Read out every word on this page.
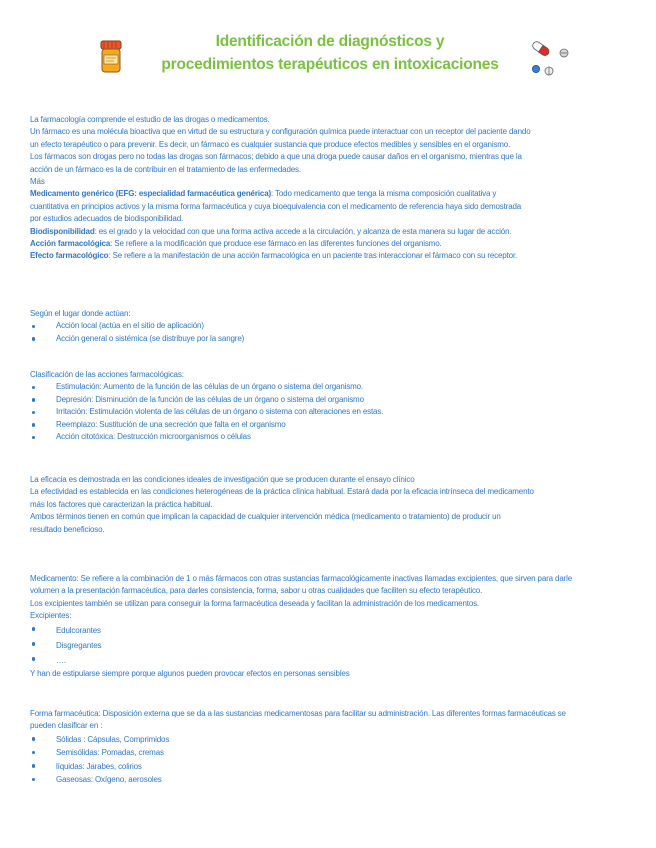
Identificación de diagnósticos y
procedimientos terapéuticos en intoxicaciones

La farmacología comprende el estudio de las drogas o medicamentos.

Un fármaco es una molécula bioactiva que en virtud de su estructura y configuración química puede interactuar con un receptor del paciente dando

un efecto terapéutico o para prevenir. Es decir, un fármaco es cualquier sustancia que produce efectos medibles y sensibles en el organismo.

Los fármacos son drogas pero no todas las drogas son fármacos; debido a que una droga puede causar daños en el organismo, mientras que la

acción de un fármaco es la de contribuir en el tratamiento de las enfermedades.

Más

Medicamento genérico (EFG: especialidad farmacéutica genérica): Todo medicamento que tenga la misma composición cualitativa y

cuantitativa en principios activos y la misma forma farmacéutica y cuya bioequivalencia con el medicamento de referencia haya sido demostrada

por estudios adecuados de biodisponibilidad.

Biodisponibilidad: es el grado y la velocidad con que una forma activa accede a la circulación, y alcanza de esta manera su lugar de acción.

Acción farmacológica: Se refiere a la modificación que produce ese fármaco en las diferentes funciones del organismo.

Efecto farmacológico: Se refiere a la manifestación de una acción farmacológica en un paciente tras interaccionar el fármaco con su receptor.

Según el lugar donde actúan:

Acción local (actúa en el sitio de aplicación)
Acción general o sistémica (se distribuye por la sangre)

Clasificación de las acciones farmacológicas:

Estimulación: Aumento de la función de las células de un órgano o sistema del organismo.
Depresión: Disminución de la función de las células de un órgano o sistema del organismo
Irritación: Estimulación violenta de las células de un órgano o sistema con alteraciones en estas.
Reemplazo: Sustitución de una secreción que falta en el organismo
Acción citotóxica: Destrucción microorganismos o células

La eficacia es demostrada en las condiciones ideales de investigación que se producen durante el ensayo clínico

La efectividad es establecida en las condiciones heterogéneas de la práctica clínica habitual. Estará dada por la eficacia intrínseca del medicamento

más los factores que caracterizan la práctica habitual.

Ambos términos tienen en común que implican la capacidad de cualquier intervención médica (medicamento o tratamiento) de producir un

resultado beneficioso.

Medicamento: Se refiere a la combinación de 1 o más fármacos con otras sustancias farmacológicamente inactivas llamadas excipientes, que sirven para darle

volumen a la presentación farmacéutica, para darles consistencia, forma, sabor u otras cualidades que faciliten su efecto terapéutico.

Los excipientes también se utilizan para conseguir la forma farmacéutica deseada y facilitan la administración de los medicamentos.

Excipientes:

Edulcorantes
Disgregantes
….

Y han de estipularse siempre porque algunos pueden provocar efectos en personas sensibles

Forma farmacéutica: Disposición externa que se da a las sustancias medicamentosas para facilitar su administración. Las diferentes formas farmacéuticas se

pueden clasificar en :

Sólidas : Cápsulas, Comprimidos
Semisólidas: Pomadas, cremas
líquidas: Jarabes, colirios
Gaseosas: Oxígeno, aerosoles
